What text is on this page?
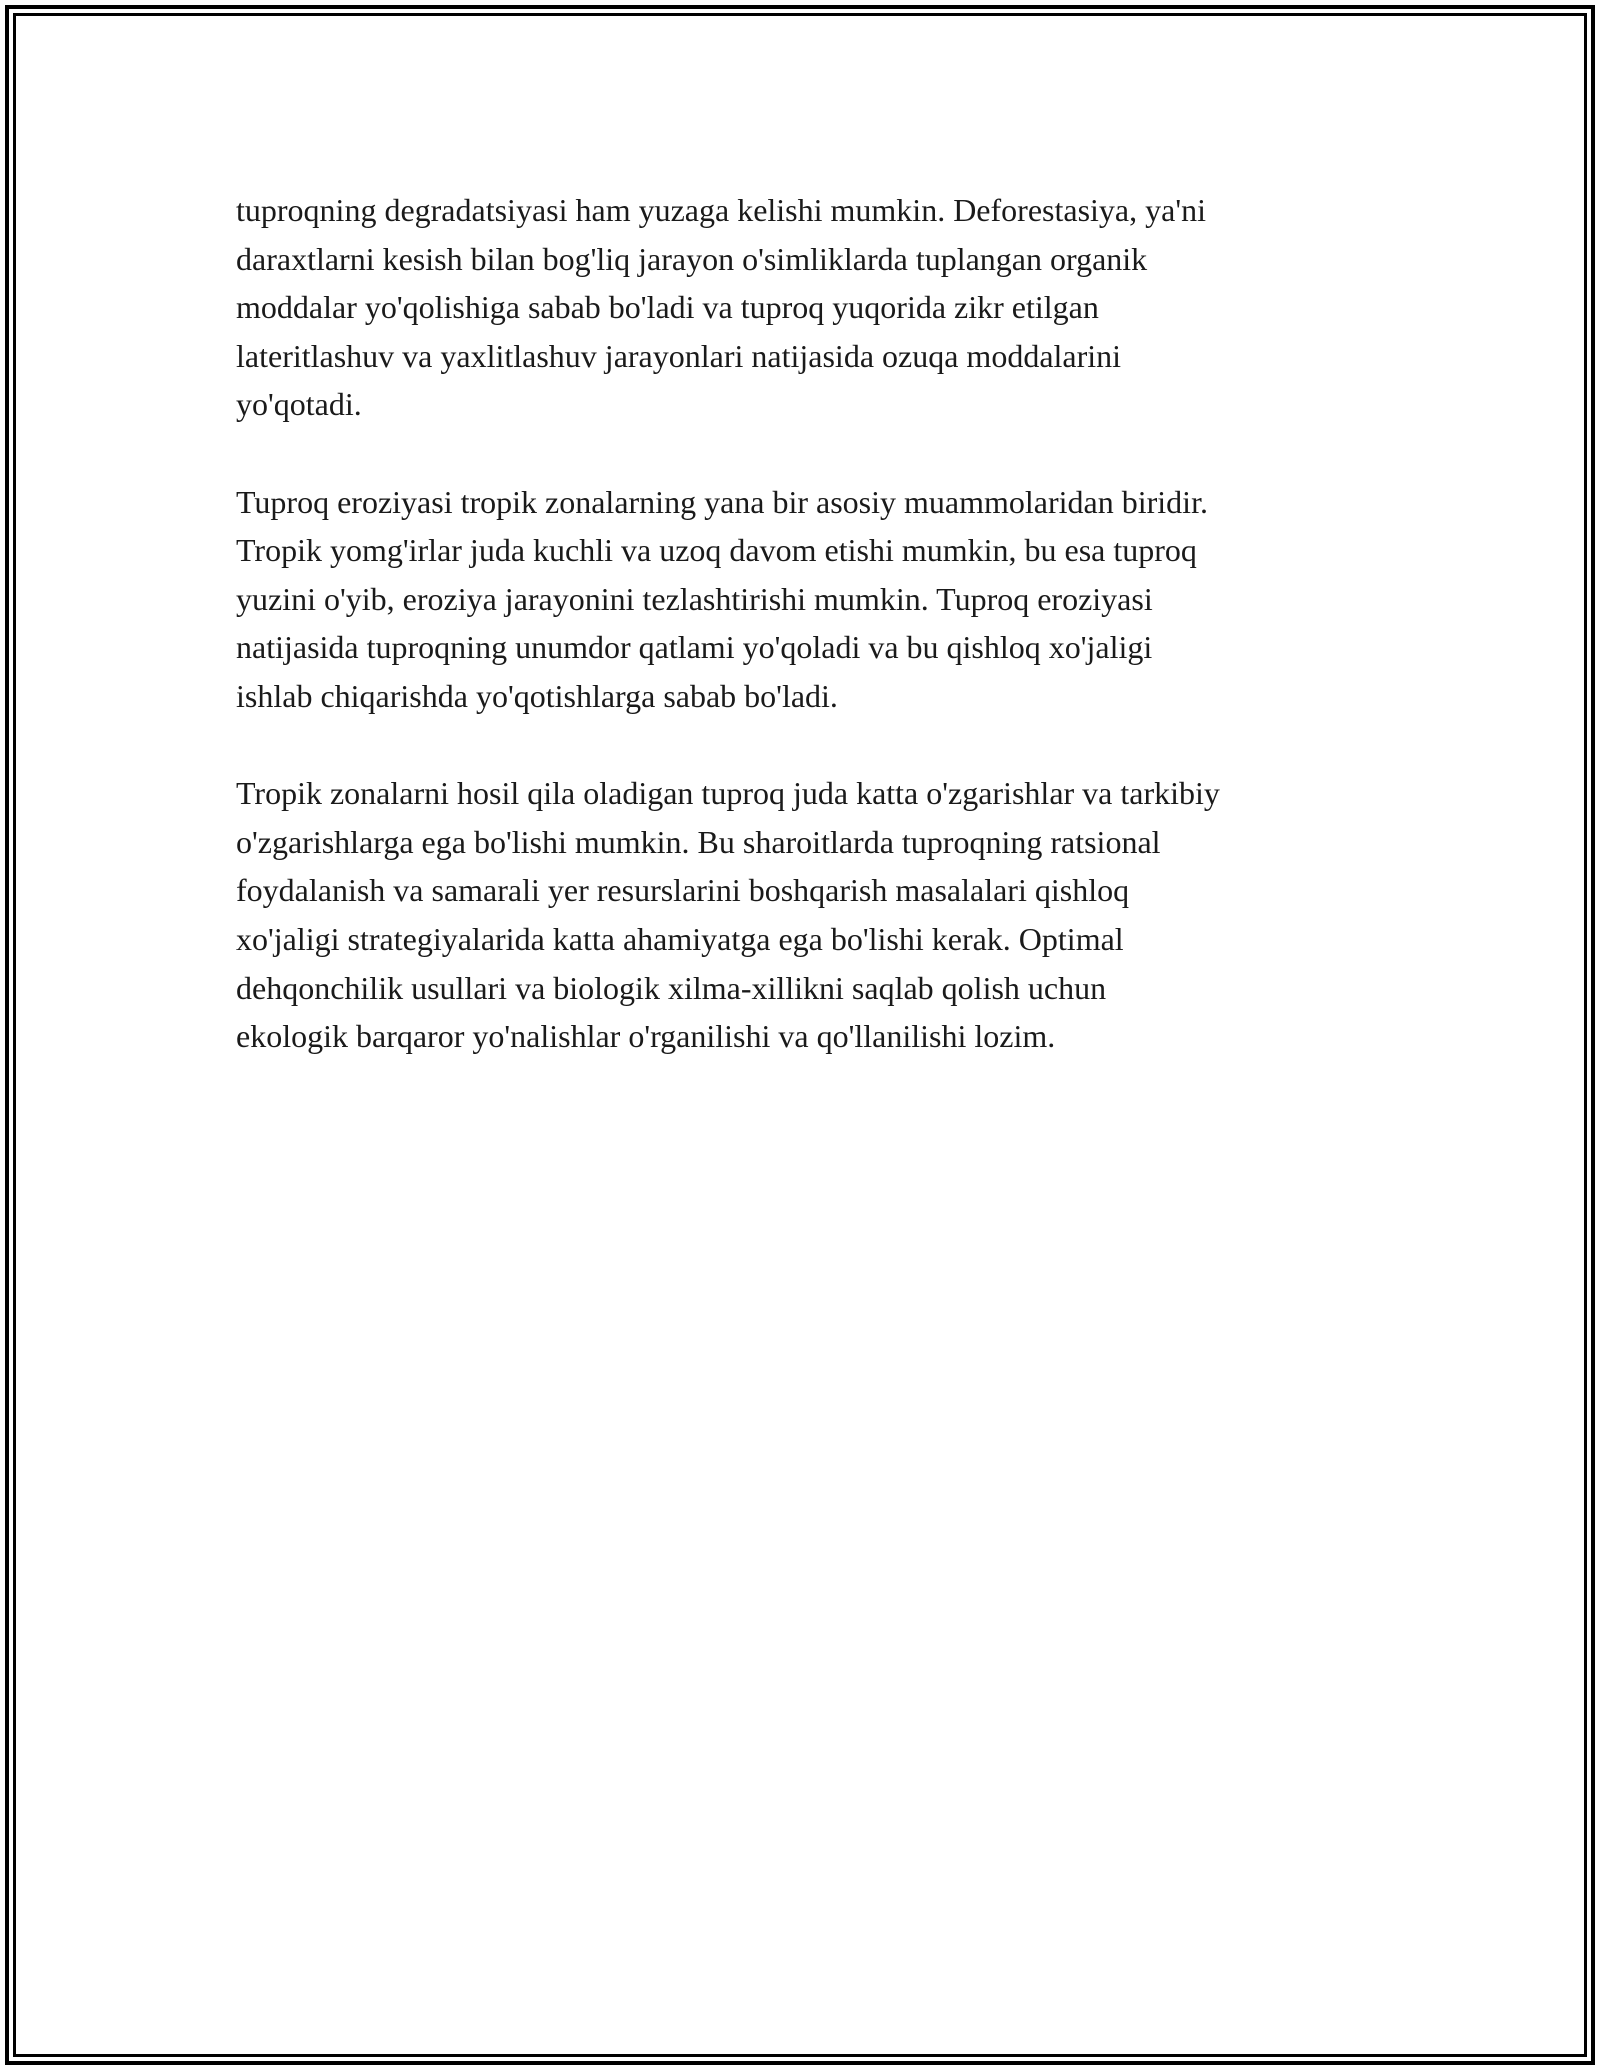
tuproqning degradatsiyasi ham yuzaga kelishi mumkin. Deforestasiya, ya'ni
daraxtlarni kesish bilan bog'liq jarayon o'simliklarda tuplangan organik
moddalar yo'qolishiga sabab bo'ladi va tuproq yuqorida zikr etilgan
lateritlashuv va yaxlitlashuv jarayonlari natijasida ozuqa moddalarini
yo'qotadi.

Tuproq eroziyasi tropik zonalarning yana bir asosiy muammolaridan biridir.
Tropik yomg'irlar juda kuchli va uzoq davom etishi mumkin, bu esa tuproq
yuzini o'yib, eroziya jarayonini tezlashtirishi mumkin. Tuproq eroziyasi
natijasida tuproqning unumdor qatlami yo'qoladi va bu qishloq xo'jaligi
ishlab chiqarishda yo'qotishlarga sabab bo'ladi.

Tropik zonalarni hosil qila oladigan tuproq juda katta o'zgarishlar va tarkibiy
o'zgarishlarga ega bo'lishi mumkin. Bu sharoitlarda tuproqning ratsional
foydalanish va samarali yer resurslarini boshqarish masalalari qishloq
xo'jaligi strategiyalarida katta ahamiyatga ega bo'lishi kerak. Optimal
dehqonchilik usullari va biologik xilma-xillikni saqlab qolish uchun
ekologik barqaror yo'nalishlar o'rganilishi va qo'llanilishi lozim.
